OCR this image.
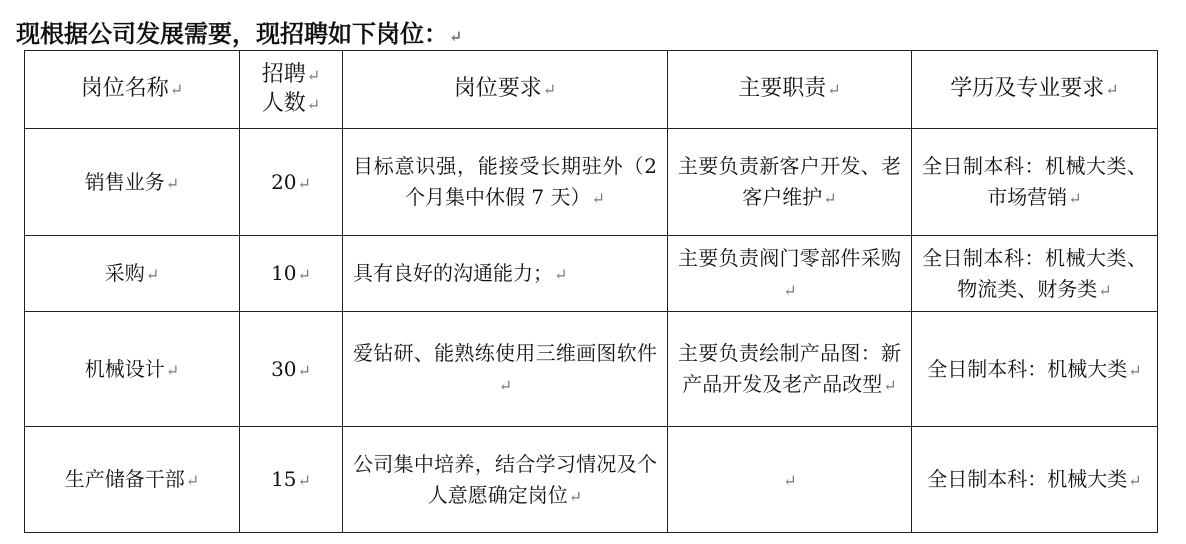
现根据公司发展需要，现招聘如下岗位：↵
岗位名称↵	招聘↵
人数↵	岗位要求↵	主要职责↵	学历及专业要求↵
销售业务↵	20↵	目标意识强，能接受长期驻外（2 个月集中休假 7 天）↵	主要负责新客户开发、老客户维护↵	全日制本科：机械大类、市场营销↵
采购↵	10↵	具有良好的沟通能力；↵	主要负责阀门零部件采购↵	全日制本科：机械大类、物流类、财务类↵
机械设计↵	30↵	爱钻研、能熟练使用三维画图软件↵	主要负责绘制产品图：新产品开发及老产品改型↵	全日制本科：机械大类↵
生产储备干部↵	15↵	公司集中培养，结合学习情况及个人意愿确定岗位↵	↵	全日制本科：机械大类↵
